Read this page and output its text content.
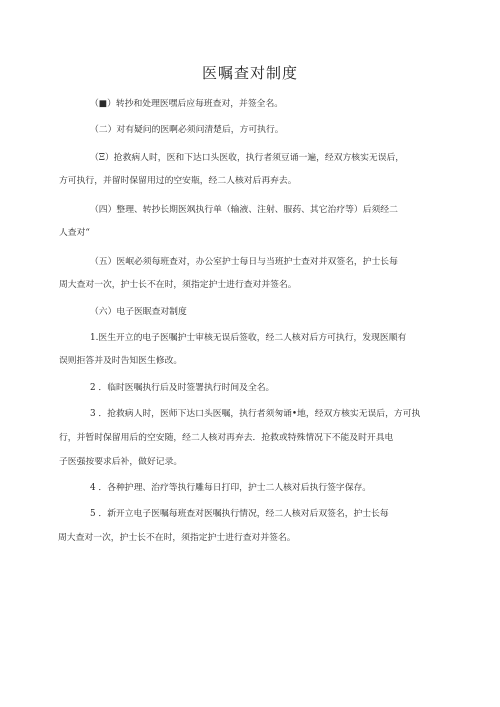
医嘱查对制度
（■）转抄和处理医嘿后应每班查对，并签全名。
（二）对有疑问的医啊必须问清楚后，方可执行。
（Ξ）抢救病人时，医和下达口头医收，执行者须豆诵一遍，经双方核实无误后，
方可执行，并留时保留用过的空安瓶，经二人核对后再弃去。
（四）整理、转抄长期医飒执行单（输液、注射、服药、其它治疗等）后须经二
人查对“
（五）医岷必须每班查对，办公室护士每日与当班护士查对并双签名，护士长每
周大查对一次，护士长不在时，须指定护士进行查对并签名。
（六）电子医眠查对制度
1.医生开立的电子医嘱护士审核无误后签收，经二人核对后方可执行，发现医顺有
误则拒答并及时告知医生修改。
2 ．临时医嘱执行后及时签署执行时间及全名。
3 ．抢救病人时，医师下达口头医嘱，执行者须匆诵•地，经双方核实无误后，方可执
行，并暂时保留用后的空安随，经二人核对再弃去．抢救或特殊情况下不能及时开具电
子医强按要求后补，做好记录。
4 ．各种护理、治疗等执行雕每日打印，护士二人核对后执行签字保存。
5 ．新开立电子医嘱每班查对医嘱执行情况，经二人核对后双签名，护士长每
周大查对一次，护士长不在时，须指定护士进行查对并签名。
